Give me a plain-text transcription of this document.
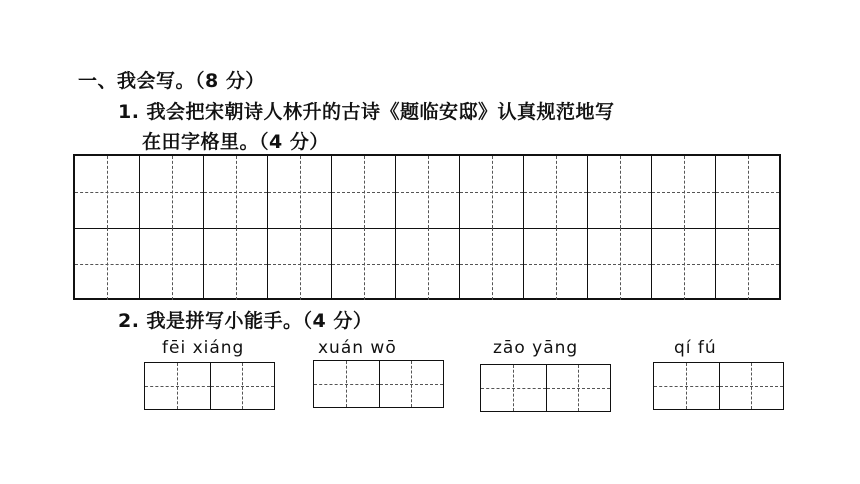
一、我会写。（8 分）
1. 我会把宋朝诗人林升的古诗《题临安邸》认真规范地写
在田字格里。（4 分）
2. 我是拼写小能手。（4 分）
fēi xiáng	xuán wō	zāo yāng	qí fú
